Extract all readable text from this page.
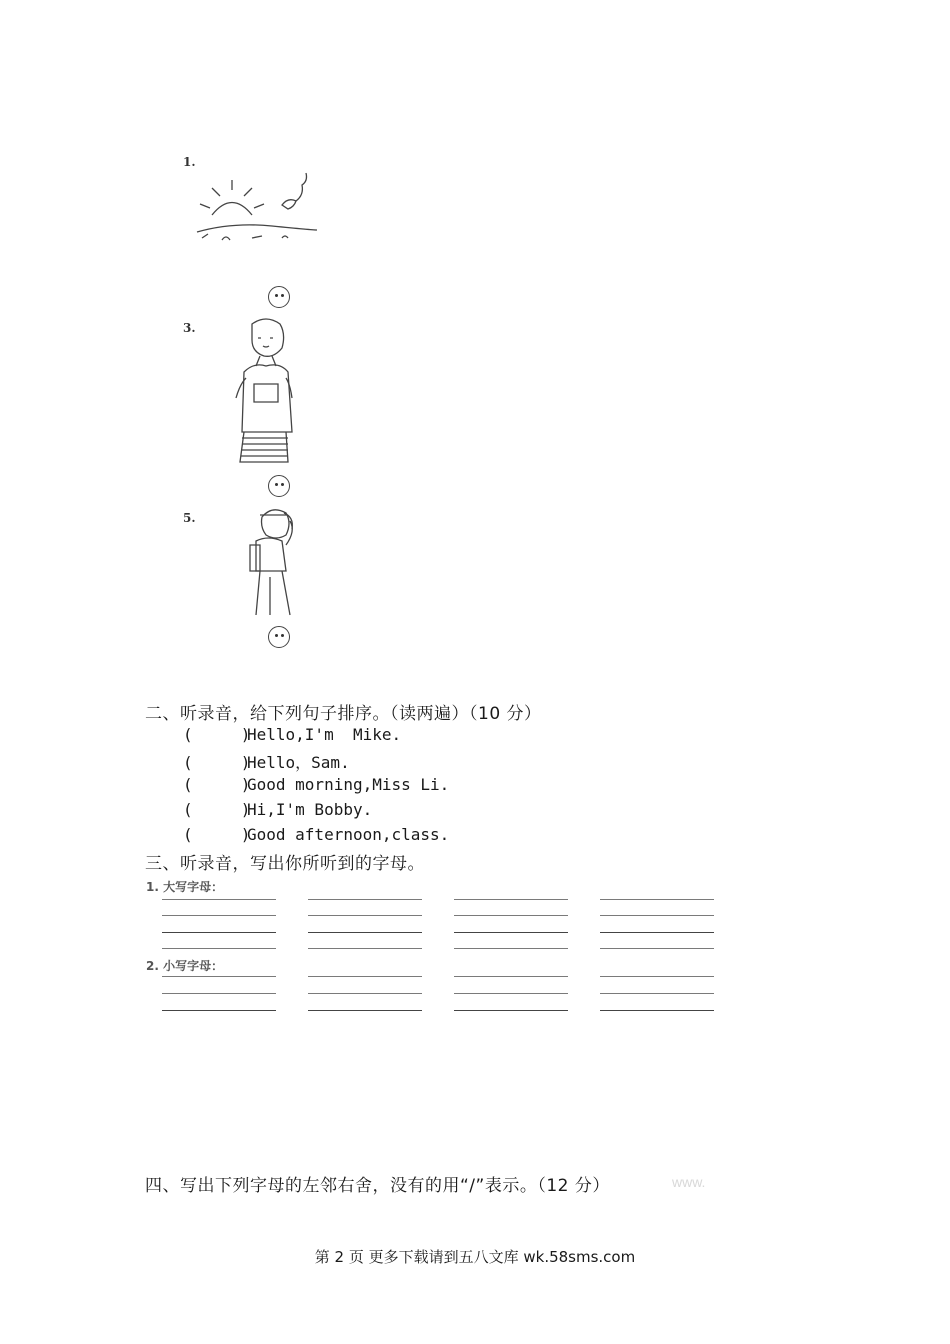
1.
3.
5.
二、听录音，给下列句子排序。（读两遍）（10 分）
(     )Hello,I'm  Mike.
(     )Hello，Sam.
(     )Good morning,Miss Li.
(     )Hi,I'm Bobby.
(     )Good afternoon,class.
三、听录音，写出你所听到的字母。
1. 大写字母：
2. 小写字母：
四、写出下列字母的左邻右舍，没有的用“/”表示。（12 分）	www.
第 2 页 更多下载请到五八文库 wk.58sms.com
